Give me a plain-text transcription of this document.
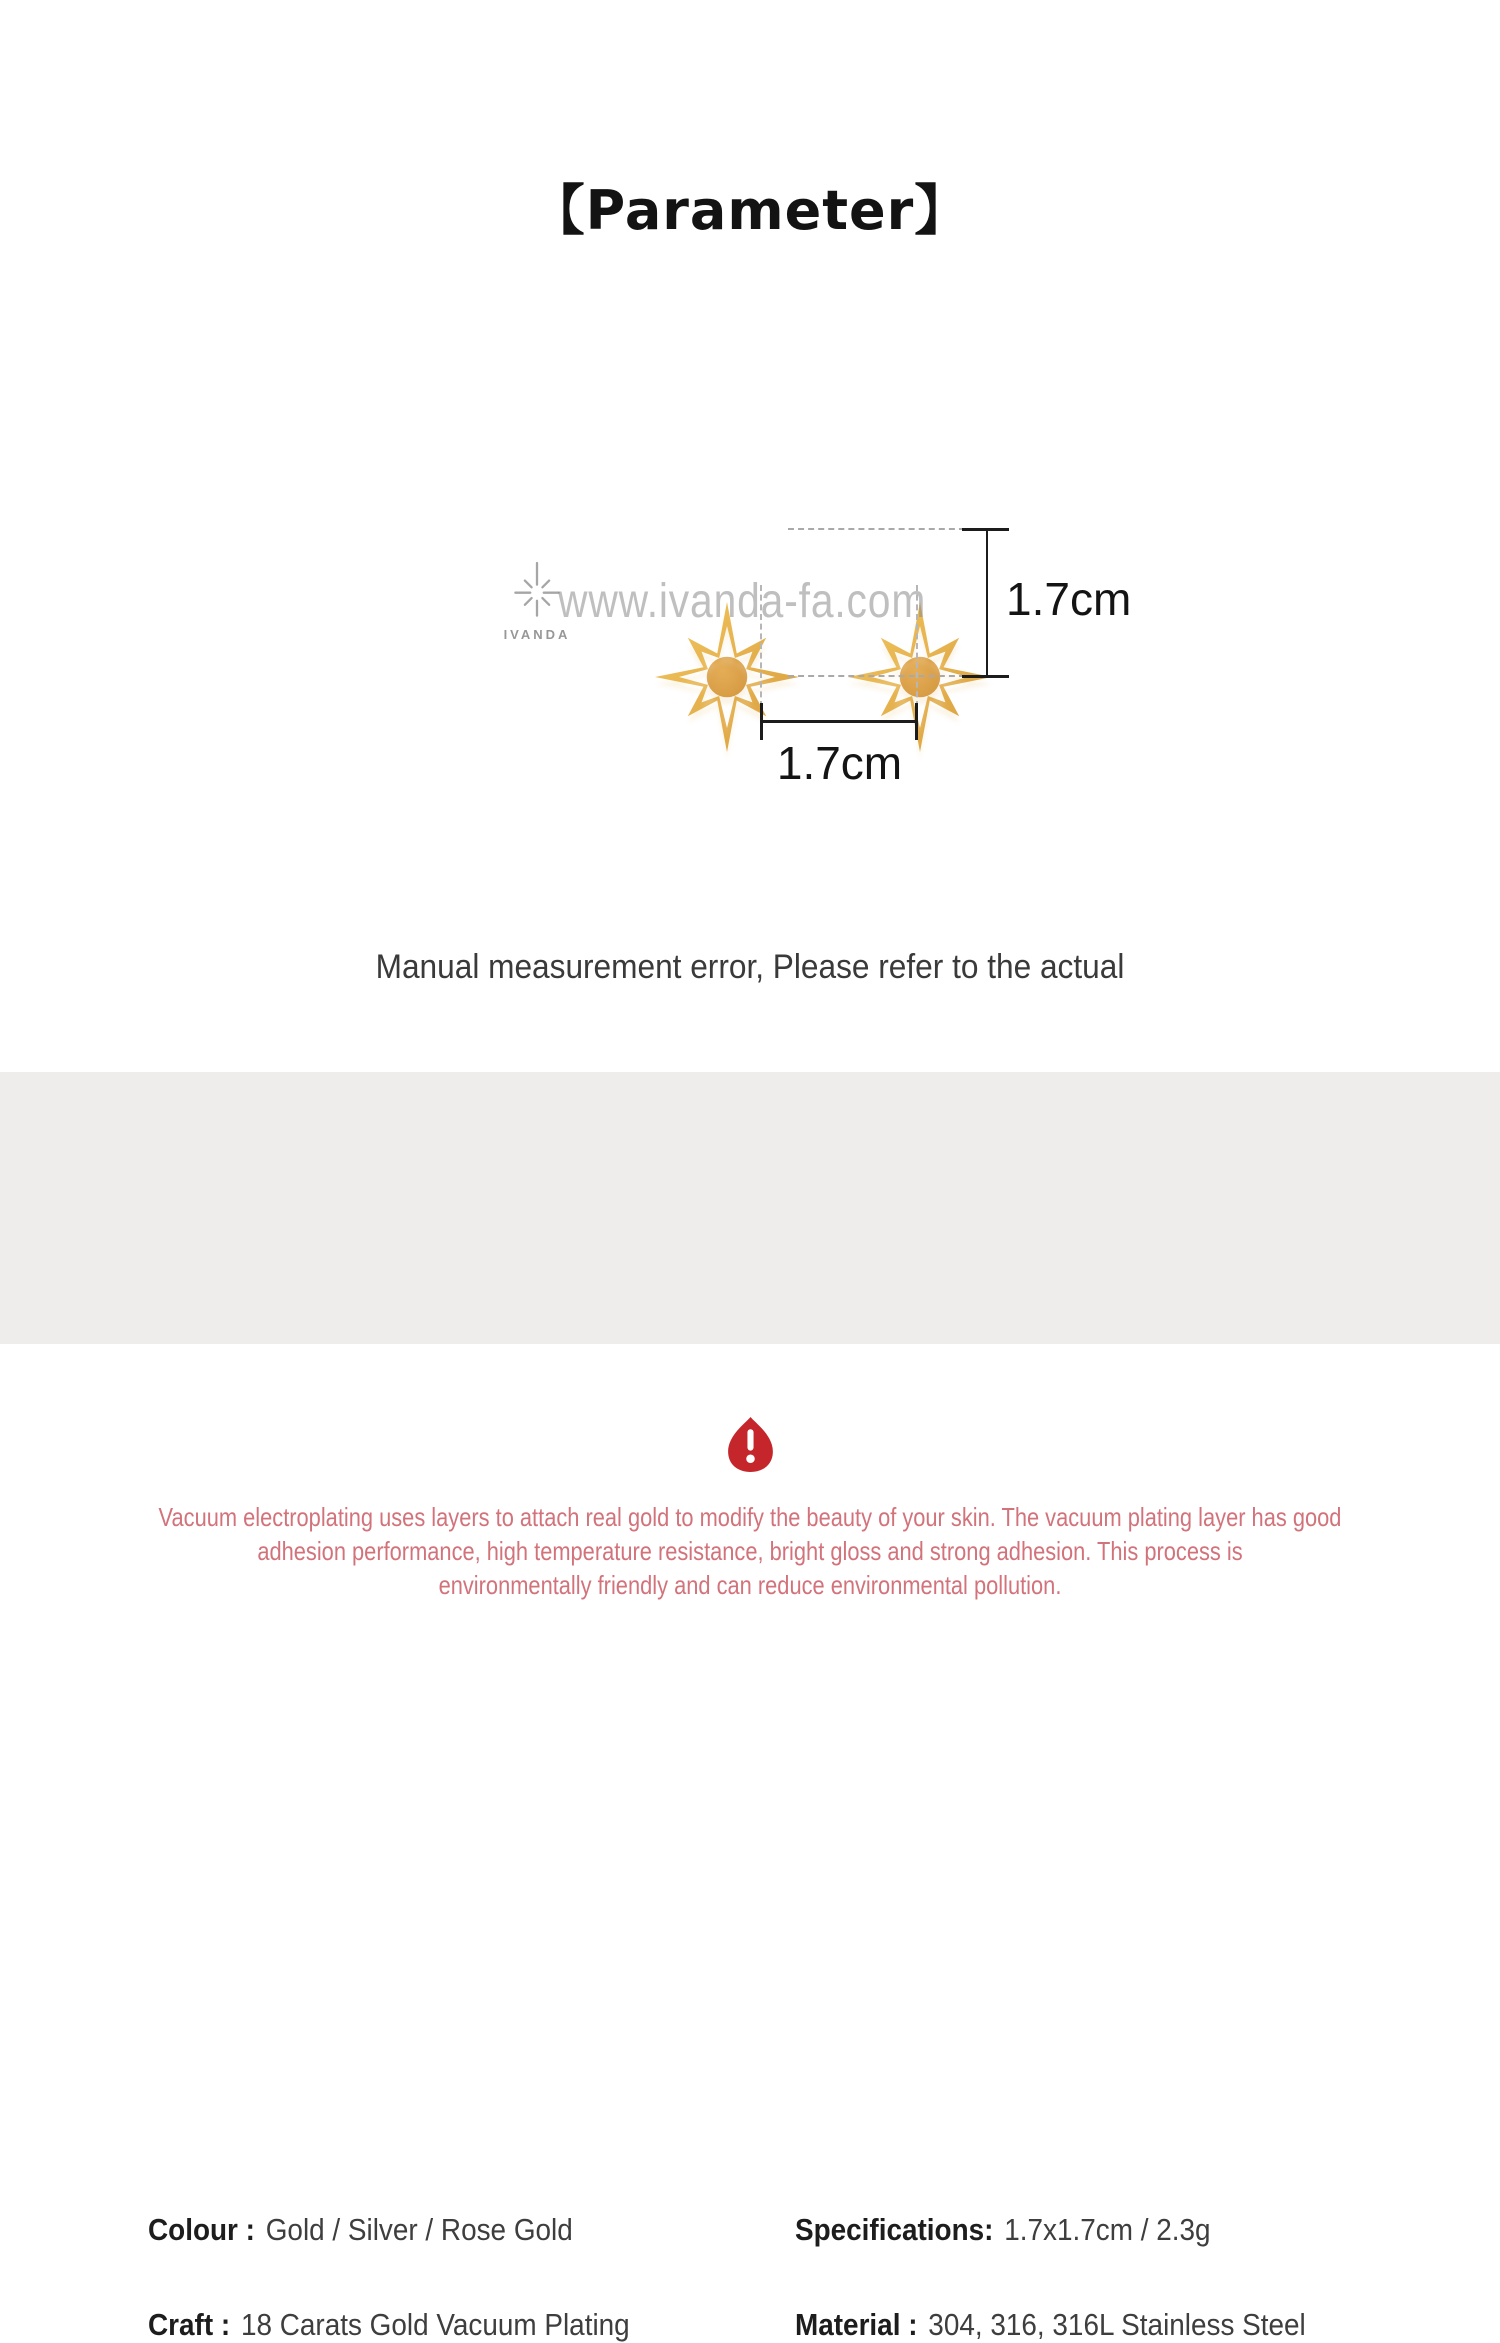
【Parameter】
IVANDA
www.ivanda-fa.com 1.7cm
1.7cm

Manual measurement error, Please refer to the actual

Colour : Gold / Silver / Rose Gold	Specifications: 1.7x1.7cm / 2.3g
Craft : 18 Carats Gold Vacuum Plating	Material : 304, 316, 316L Stainless Steel
Vacuum electroplating uses layers to attach real gold to modify the beauty of your skin. The vacuum plating layer has good
adhesion performance, high temperature resistance, bright gloss and strong adhesion. This process is
environmentally friendly and can reduce environmental pollution.
